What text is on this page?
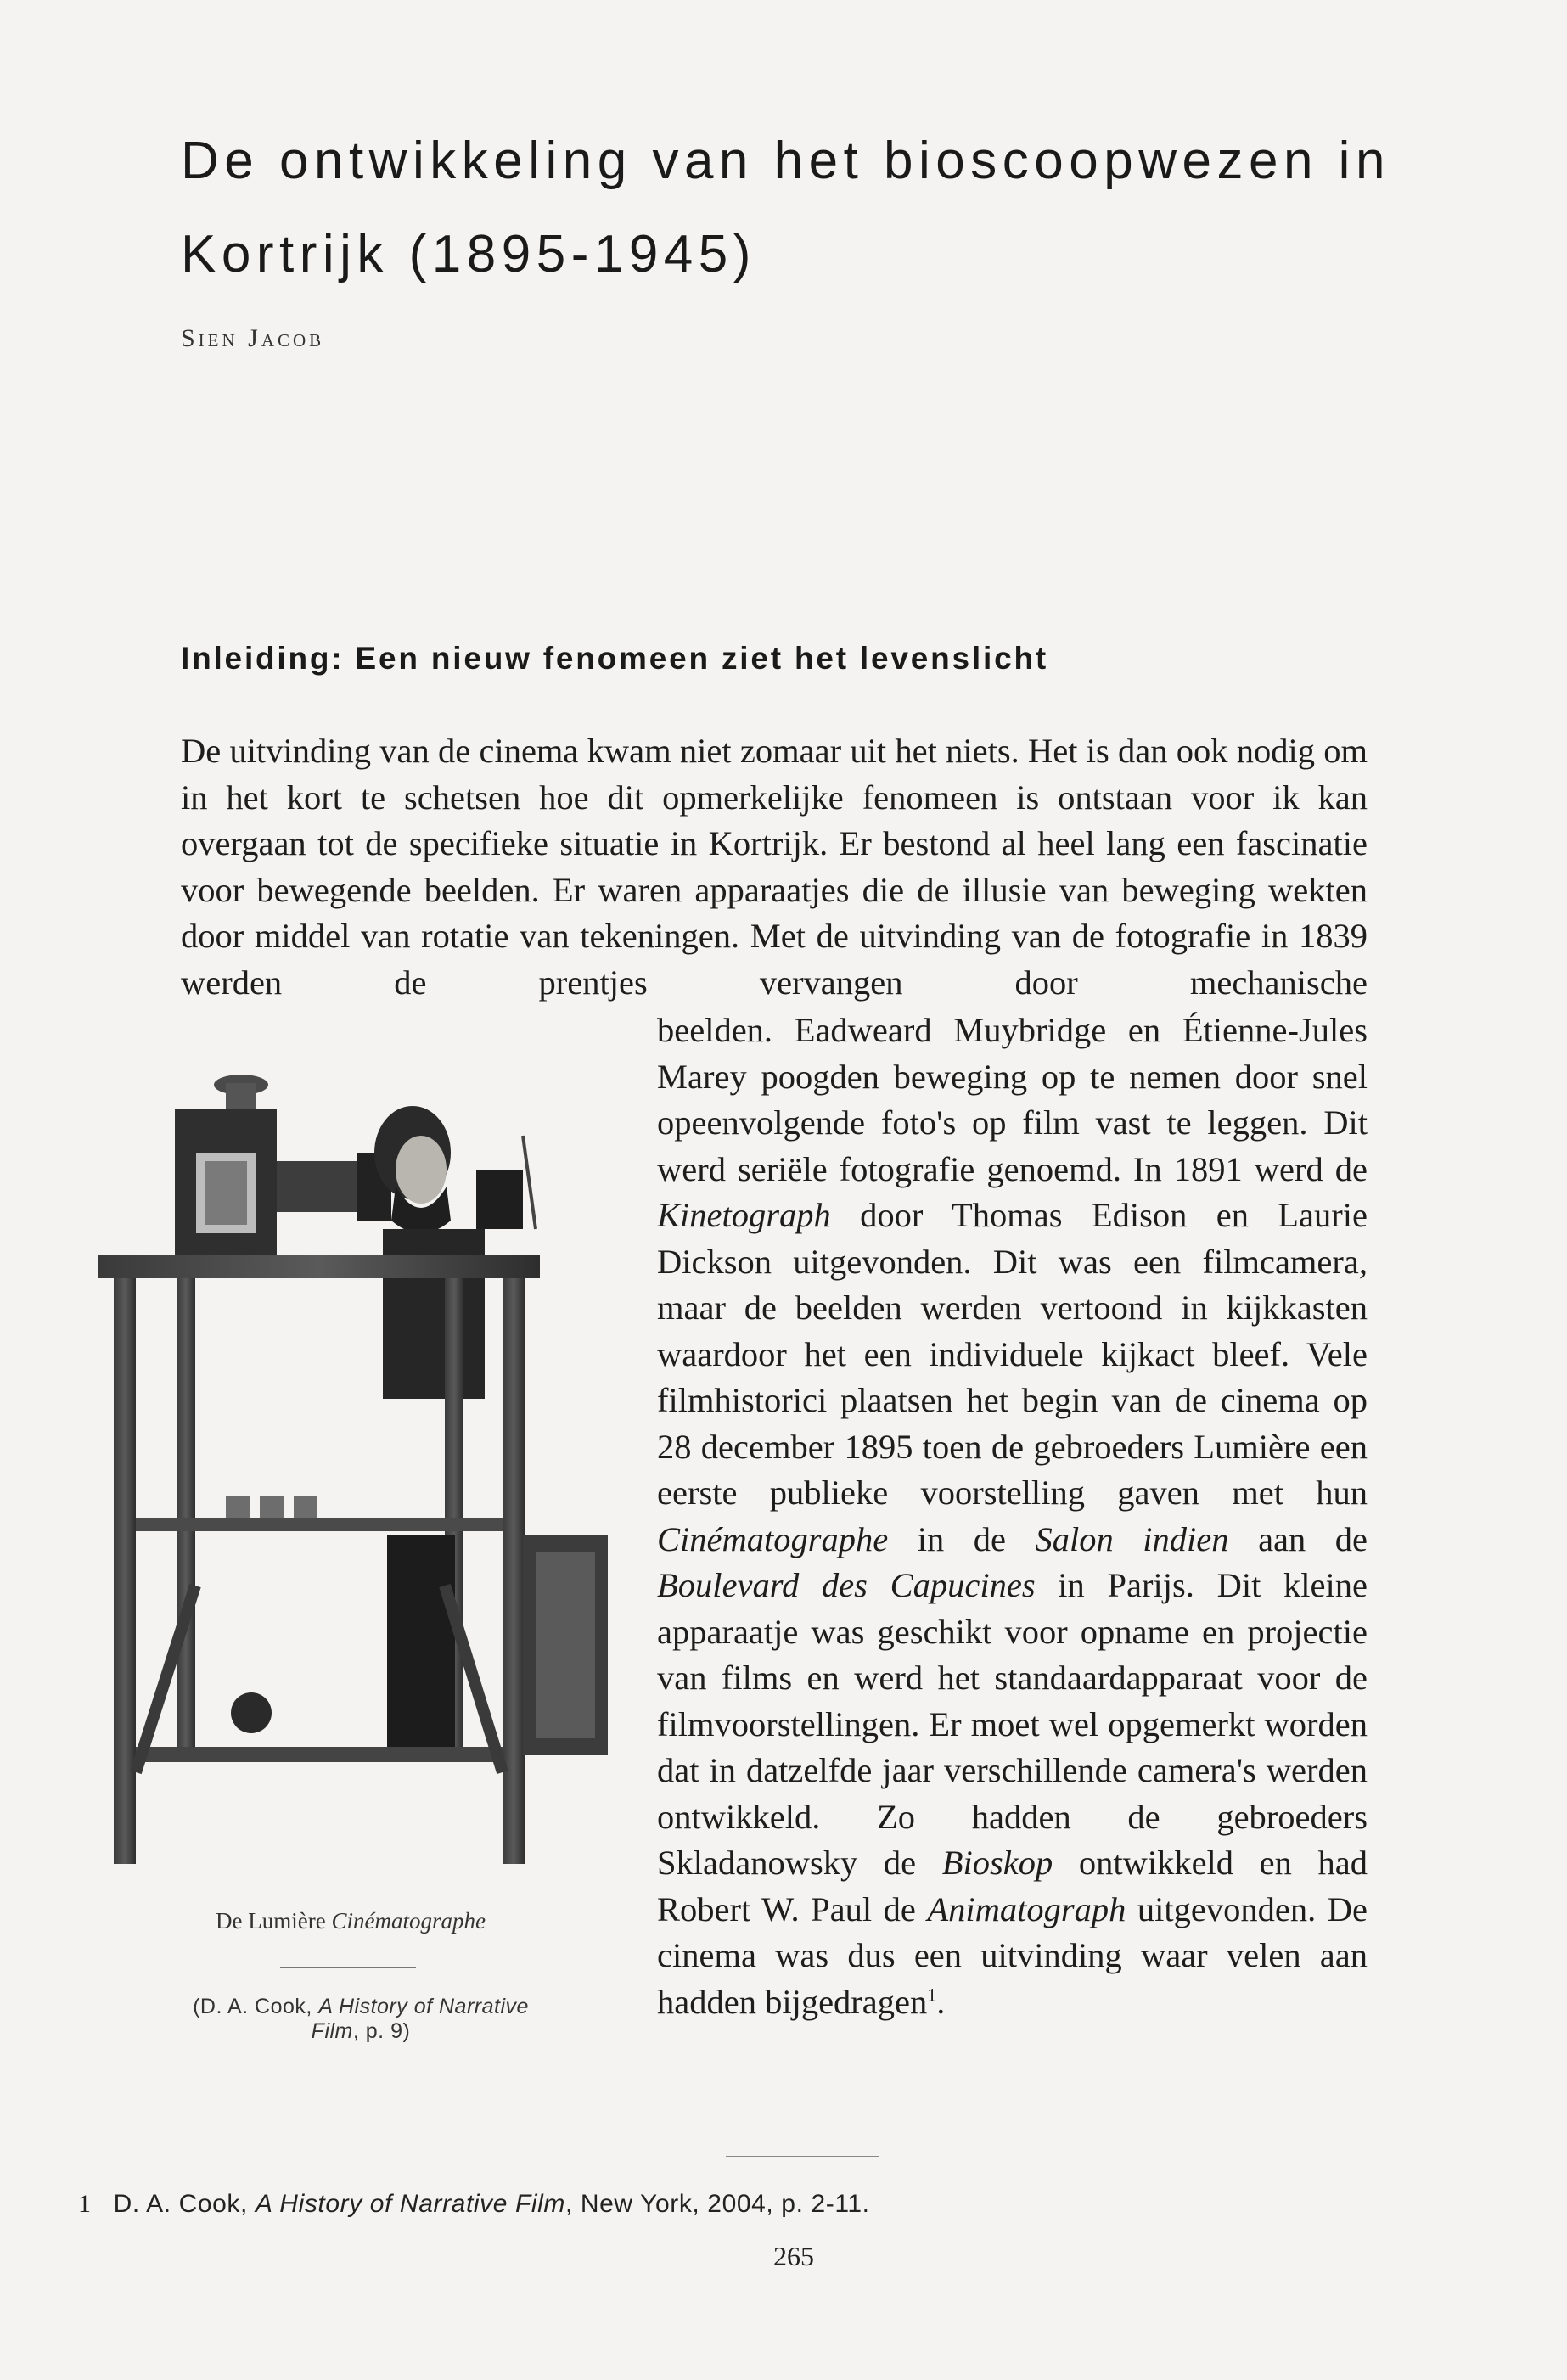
De ontwikkeling van het bioscoopwezen in Kortrijk (1895-1945)
Sien Jacob
Inleiding: Een nieuw fenomeen ziet het levenslicht

De uitvinding van de cinema kwam niet zomaar uit het niets. Het is dan ook nodig om in het kort te schetsen hoe dit opmerkelijke fenomeen is ontstaan voor ik kan overgaan tot de specifieke situatie in Kortrijk. Er bestond al heel lang een fascinatie voor bewegende beelden. Er waren apparaatjes die de illusie van beweging wekten door middel van rotatie van tekeningen. Met de uitvinding van de fotografie in 1839 werden de prentjes vervangen door mechanische

beelden. Eadweard Muybridge en Étienne-Jules Marey poogden beweging op te nemen door snel opeenvolgende foto's op film vast te leggen. Dit werd seriële fotografie genoemd. In 1891 werd de Kinetograph door Thomas Edison en Laurie Dickson uitgevonden. Dit was een filmcamera, maar de beelden werden vertoond in kijkkasten waardoor het een individuele kijkact bleef. Vele filmhistorici plaatsen het begin van de cinema op 28 december 1895 toen de gebroeders Lumière een eerste publieke voorstelling gaven met hun Cinématographe in de Salon indien aan de Boulevard des Capucines in Parijs. Dit kleine apparaatje was geschikt voor opname en projectie van films en werd het standaardapparaat voor de filmvoorstellingen. Er moet wel opgemerkt worden dat in datzelfde jaar verschillende camera's werden ontwikkeld. Zo hadden de gebroeders Skladanowsky de Bioskop ontwikkeld en had Robert W. Paul de Animatograph uitgevonden. De cinema was dus een uitvinding waar velen aan hadden bijgedragen$^1$.

De Lumière Cinématographe
(D. A. Cook, A History of Narrative Film, p. 9)
1 D. A. Cook, A History of Narrative Film, New York, 2004, p. 2-11.
265
